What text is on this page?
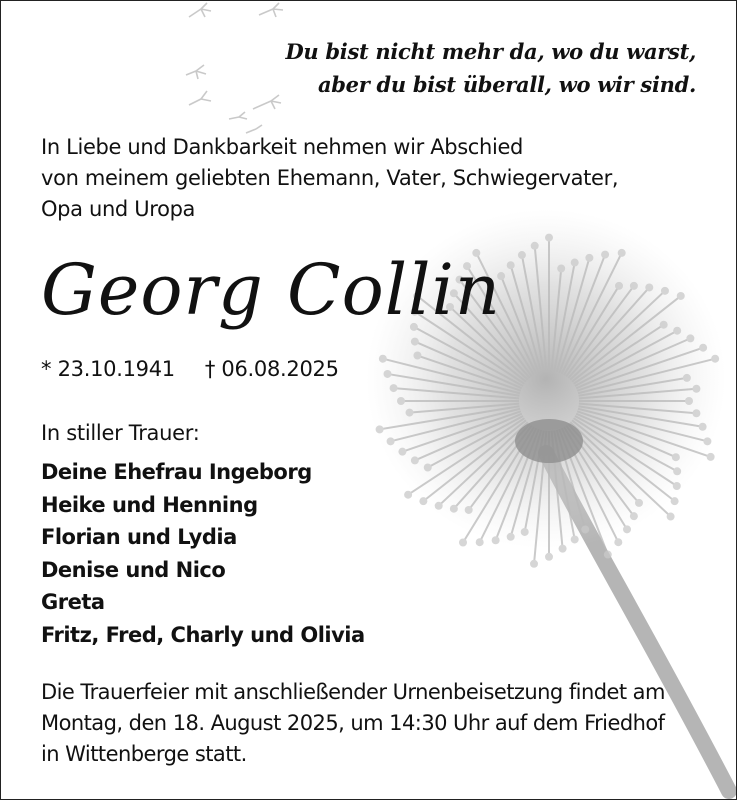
Du bist nicht mehr da, wo du warst,
aber du bist überall, wo wir sind.
In Liebe und Dankbarkeit nehmen wir Abschied
von meinem geliebten Ehemann, Vater, Schwiegervater,
Opa und Uropa
Georg Collin
* 23.10.1941 † 06.08.2025
In stiller Trauer:
Deine Ehefrau Ingeborg
Heike und Henning
Florian und Lydia
Denise und Nico
Greta
Fritz, Fred, Charly und Olivia
Die Trauerfeier mit anschließender Urnenbeisetzung findet am
Montag, den 18. August 2025, um 14:30 Uhr auf dem Friedhof
in Wittenberge statt.
